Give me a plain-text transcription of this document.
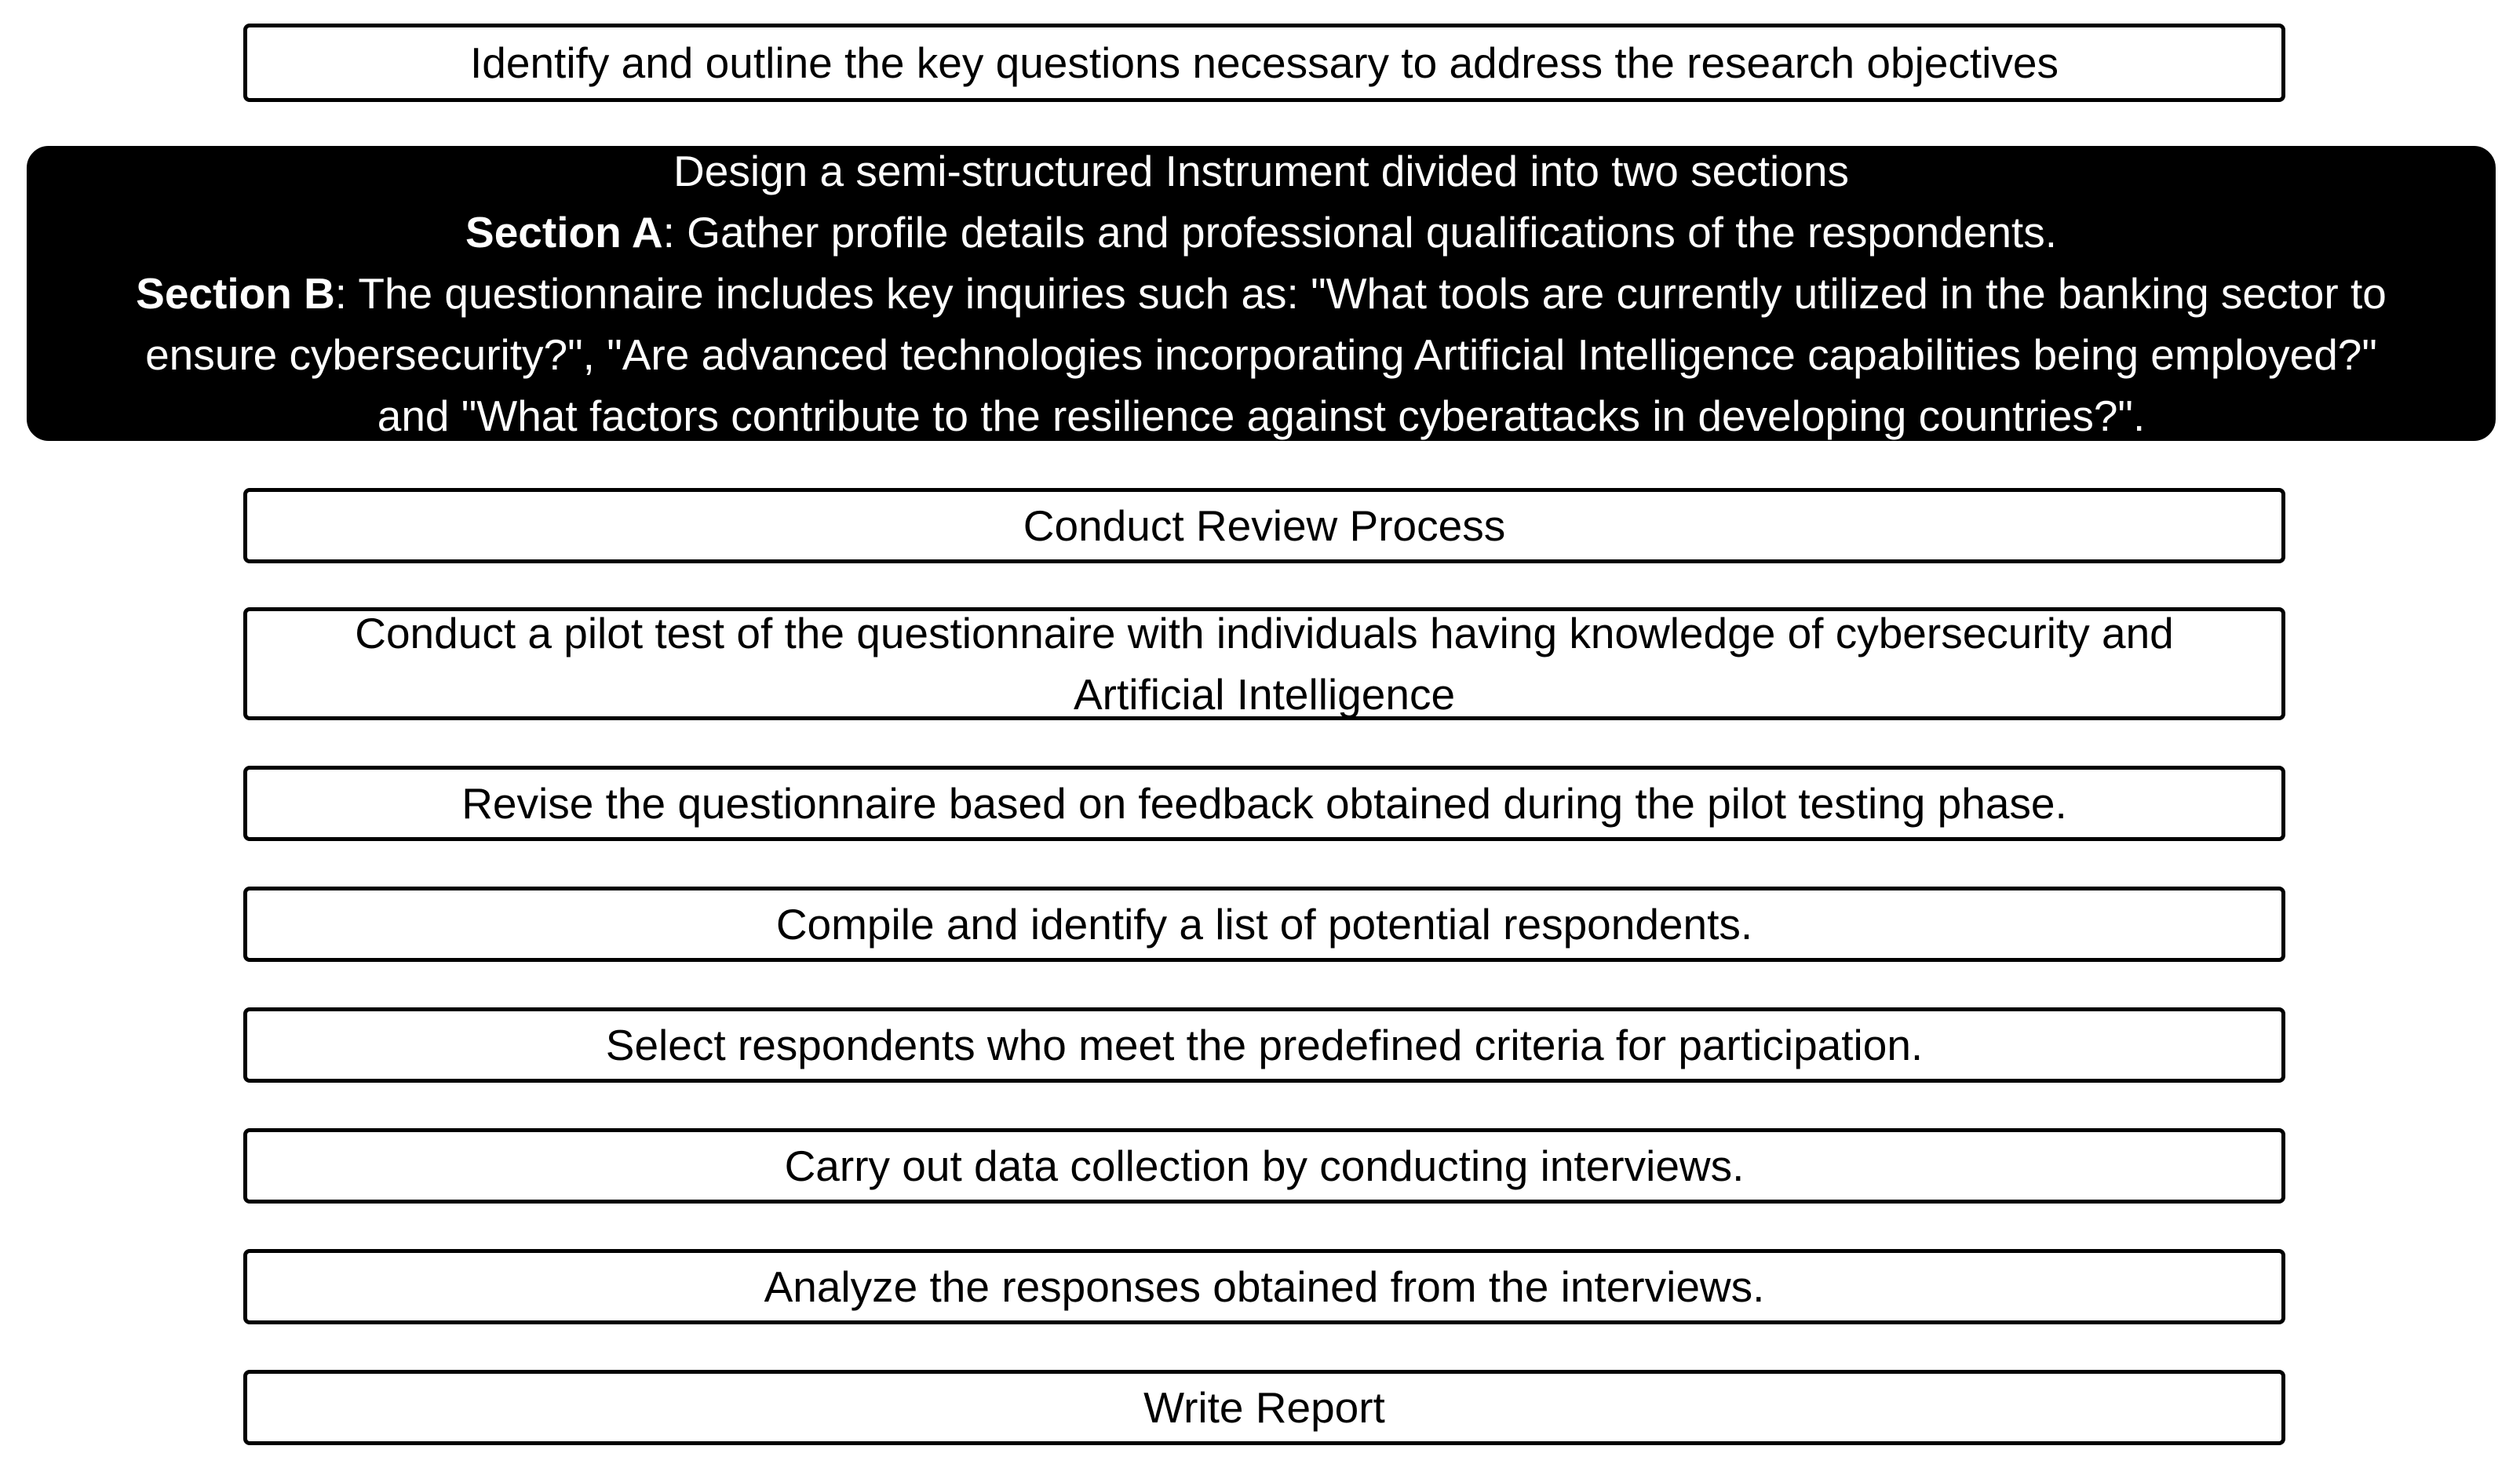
Identify and outline the key questions necessary to address the research objectives
Design a semi-structured Instrument divided into two sections
Section A: Gather profile details and professional qualifications of the respondents.
Section B: The questionnaire includes key inquiries such as: "What tools are currently utilized in the banking sector to
ensure cybersecurity?", "Are advanced technologies incorporating Artificial Intelligence capabilities being employed?"
and "What factors contribute to the resilience against cyberattacks in developing countries?".
Conduct Review Process
Conduct a pilot test of the questionnaire with individuals having knowledge of cybersecurity and
Artificial Intelligence
Revise the questionnaire based on feedback obtained during the pilot testing phase.
Compile and identify a list of potential respondents.
Select respondents who meet the predefined criteria for participation.
Carry out data collection by conducting interviews.
Analyze the responses obtained from the interviews.
Write Report
